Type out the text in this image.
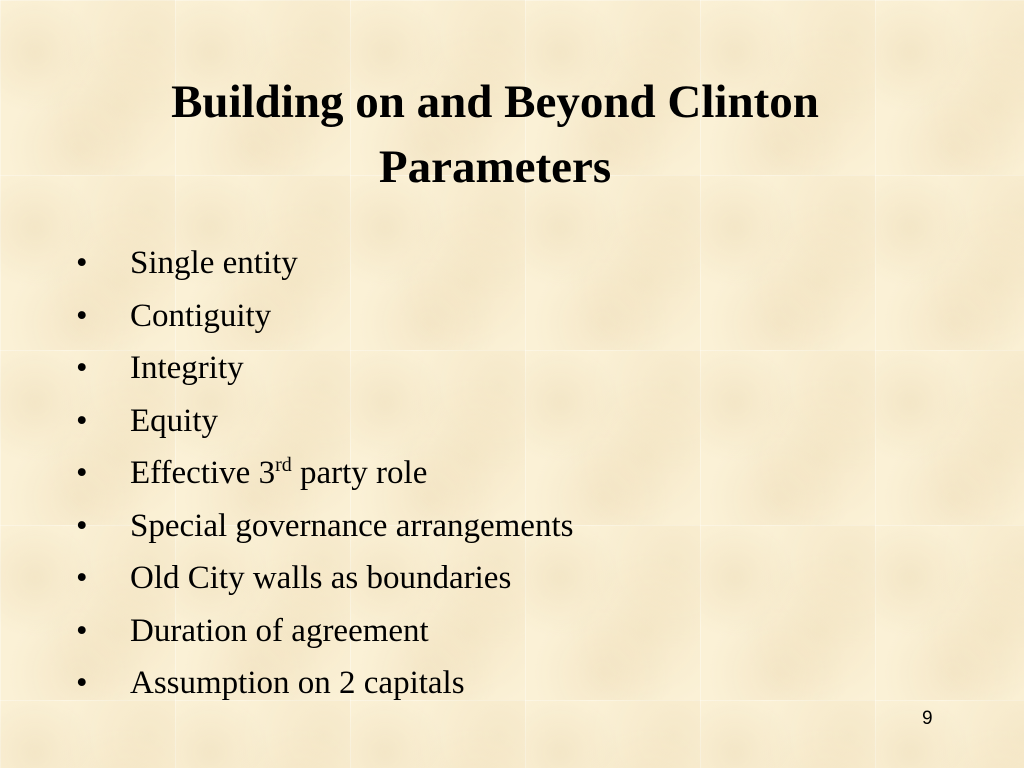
Building on and Beyond Clinton
Parameters
• Single entity
• Contiguity
• Integrity
• Equity
• Effective 3rd party role
• Special governance arrangements
• Old City walls as boundaries
• Duration of agreement
• Assumption on 2 capitals
9
